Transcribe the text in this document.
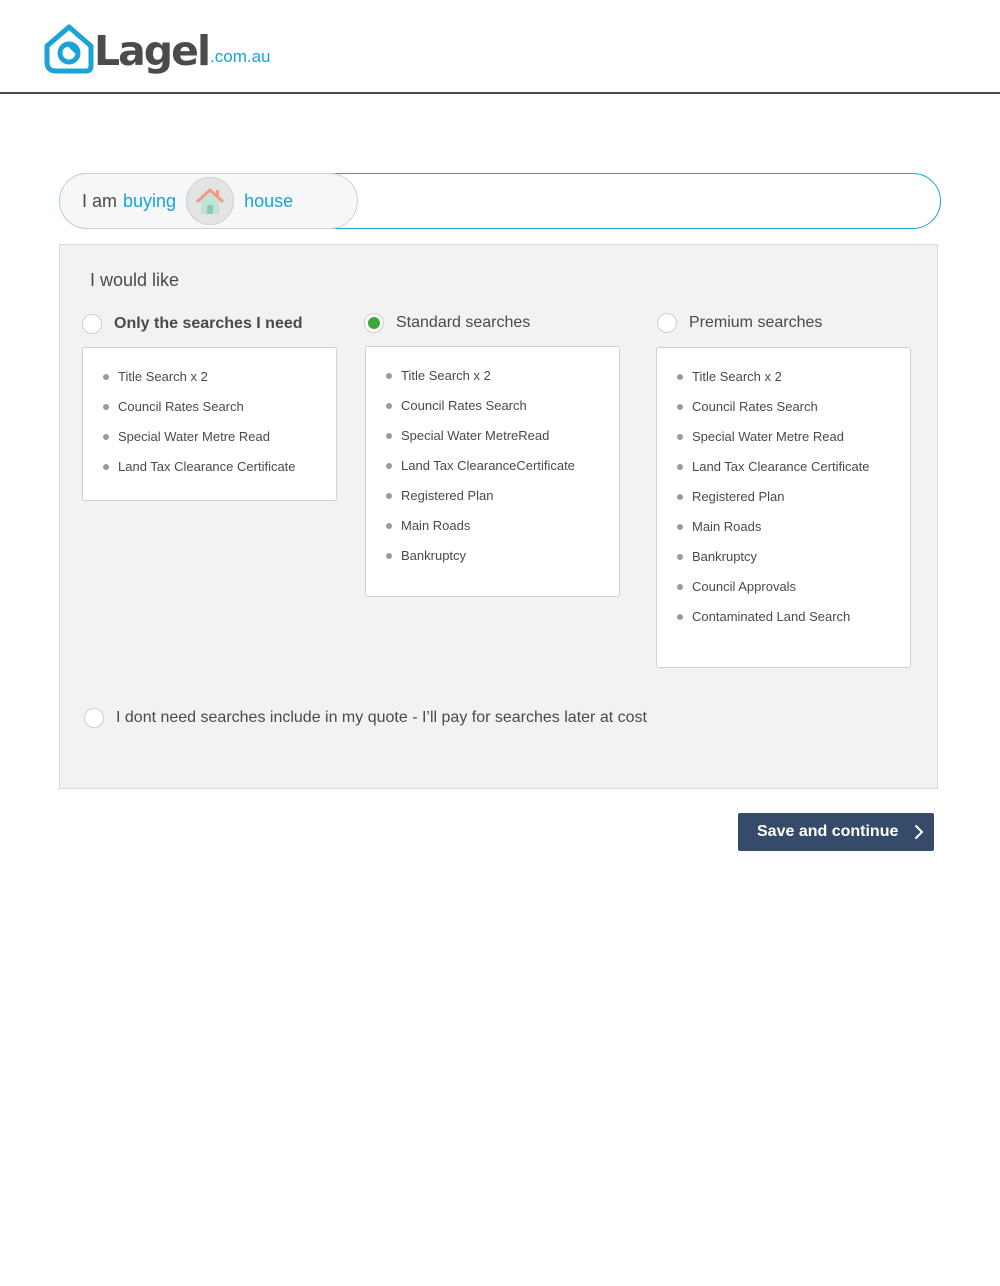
Lagel .com.au
I am buying	house
I would like
Only the searches I need
Title Search x 2
Council Rates Search
Special Water Metre Read
Land Tax Clearance Certificate
Standard searches
Title Search x 2
Council Rates Search
Special Water MetreRead
Land Tax ClearanceCertificate
Registered Plan
Main Roads
Bankruptcy
Premium searches
Title Search x 2
Council Rates Search
Special Water Metre Read
Land Tax Clearance Certificate
Registered Plan
Main Roads
Bankruptcy
Council Approvals
Contaminated Land Search
I dont need searches include in my quote - I’ll pay for searches later at cost
Save and continue
